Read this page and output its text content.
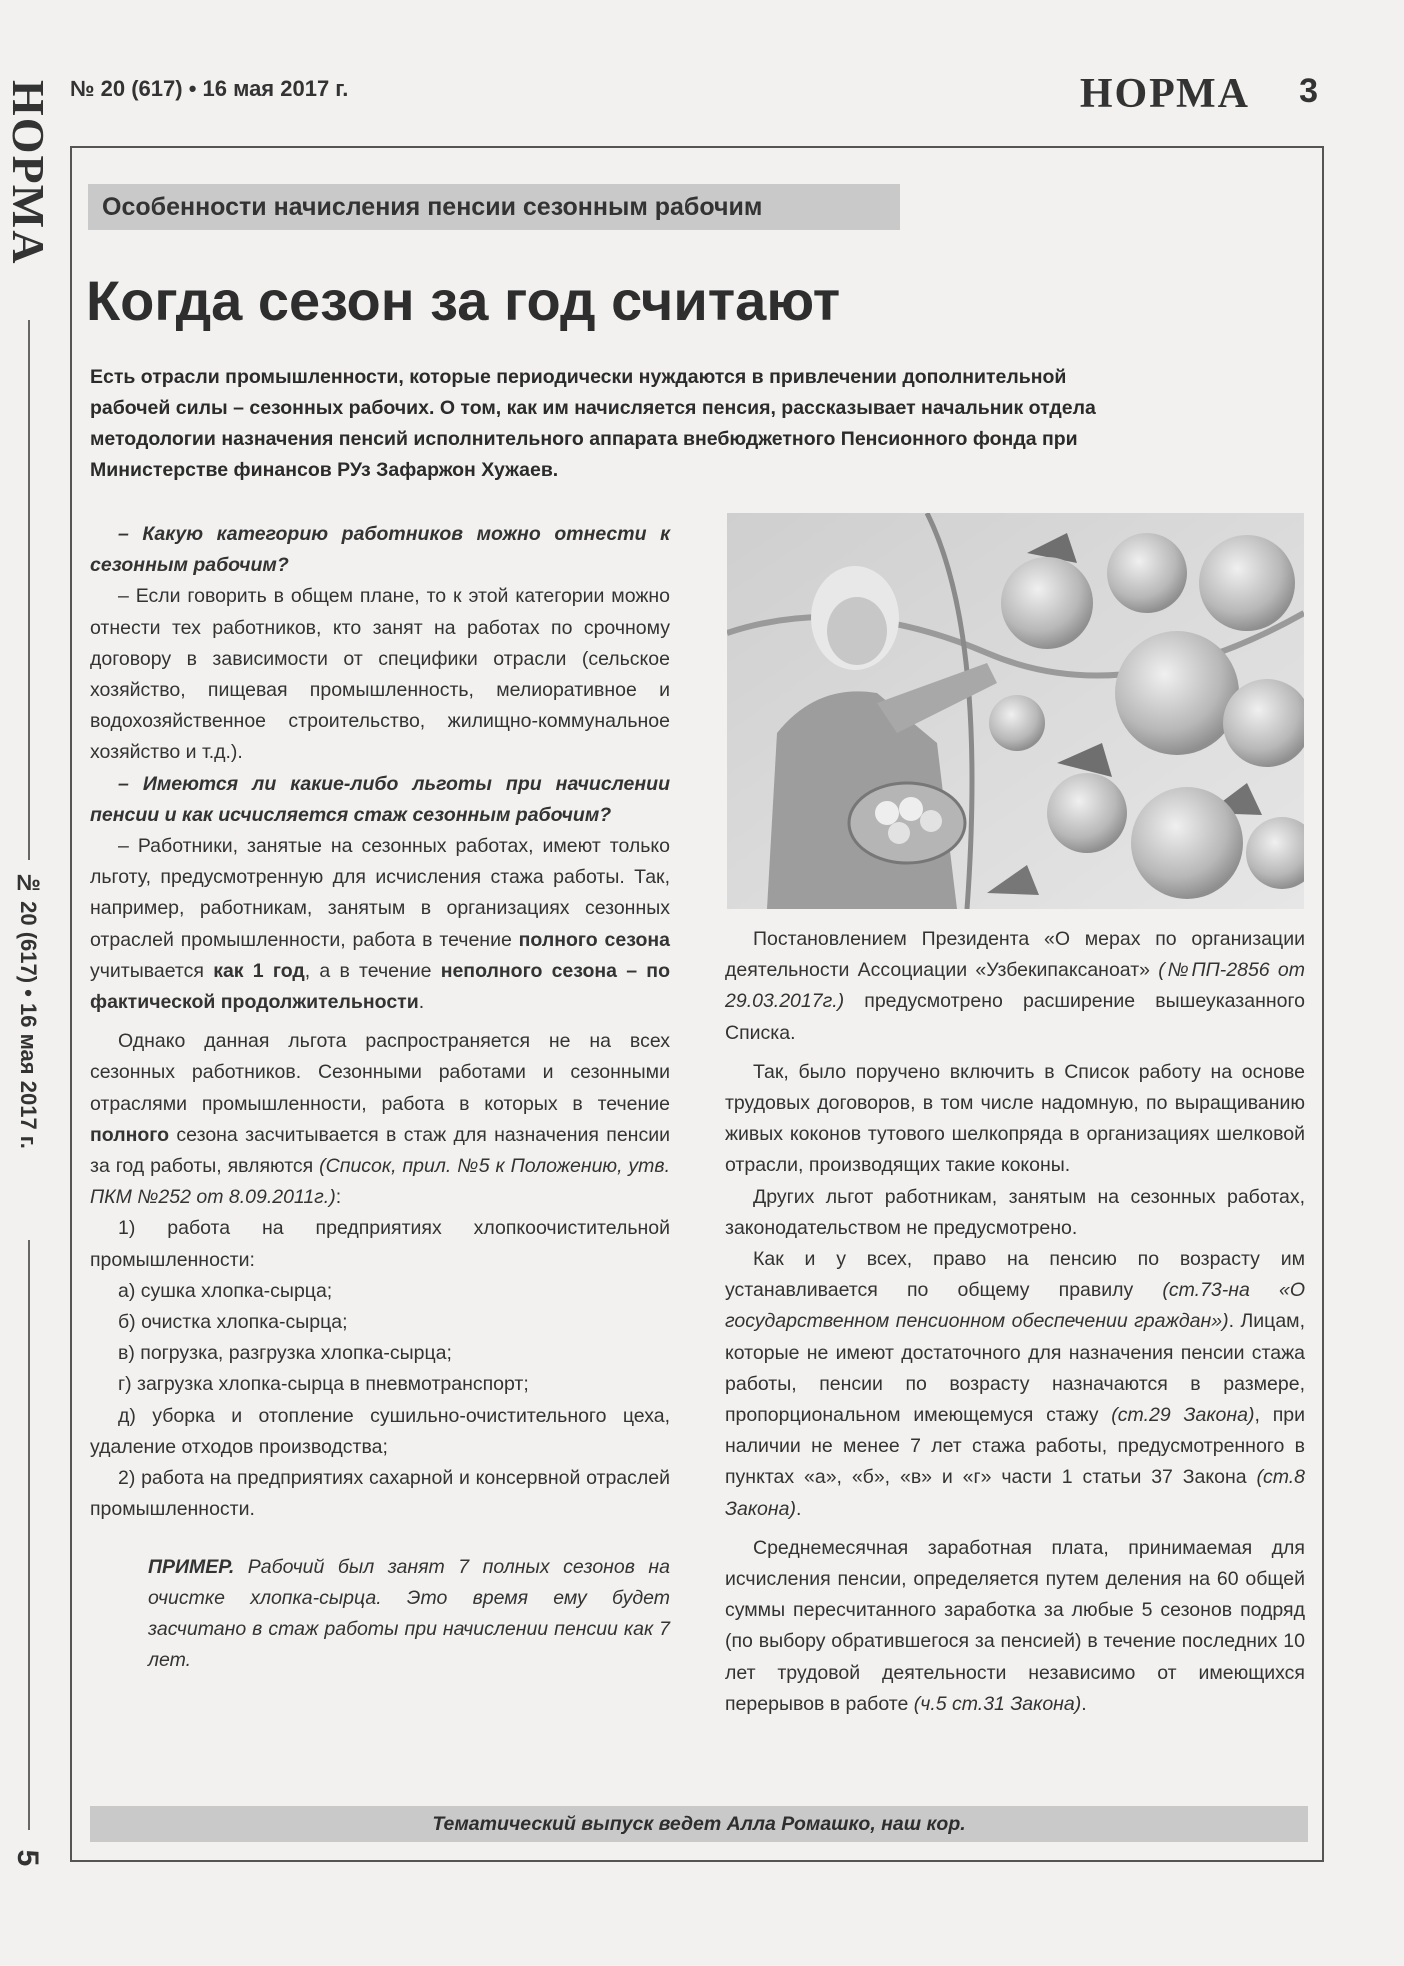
НОРМА
№ 20 (617) • 16 мая 2017 г.
5
№ 20 (617) • 16 мая 2017 г.	НОРМА 3
Особенности начисления пенсии сезонным рабочим
Когда сезон за год считают
Есть отрасли промышленности, которые периодически нуждаются в привлечении дополнительной рабочей силы – сезонных рабочих. О том, как им начисляется пенсия, рассказывает начальник отдела методологии назначения пенсий исполнительного аппарата внебюджетного Пенсионного фонда при Министерстве финансов РУз Зафаржон Хужаев.

– Какую категорию работников можно отнести к сезонным рабочим?

– Если говорить в общем плане, то к этой категории можно отнести тех работников, кто занят на работах по срочному договору в зависимости от специфики отрасли (сельское хозяйство, пищевая промышленность, мелиоративное и водохозяйственное строительство, жилищно-коммунальное хозяйство и т.д.).

– Имеются ли какие-либо льготы при начислении пенсии и как исчисляется стаж сезонным рабочим?

– Работники, занятые на сезонных работах, имеют только льготу, предусмотренную для исчисления стажа работы. Так, например, работникам, занятым в организациях сезонных отраслей промышленности, работа в течение полного сезона учитывается как 1 год, а в течение неполного сезона – по фактической продолжительности.

Однако данная льгота распространяется не на всех сезонных работников. Сезонными работами и сезонными отраслями промышленности, работа в которых в течение полного сезона засчитывается в стаж для назначения пенсии за год работы, являются (Список, прил. №5 к Положению, утв. ПКМ №252 от 8.09.2011г.):

1) работа на предприятиях хлопкоочистительной промышленности:

а) сушка хлопка-сырца;

б) очистка хлопка-сырца;

в) погрузка, разгрузка хлопка-сырца;

г) загрузка хлопка-сырца в пневмотранспорт;

д) уборка и отопление сушильно-очистительного цеха, удаление отходов производства;

2) работа на предприятиях сахарной и консервной отраслей промышленности.

ПРИМЕР. Рабочий был занят 7 полных сезонов на очистке хлопка-сырца. Это время ему будет засчитано в стаж работы при начислении пенсии как 7 лет.

Постановлением Президента «О мерах по организации деятельности Ассоциации «Узбекипаксаноат» (№ПП-2856 от 29.03.2017г.) предусмотрено расширение вышеуказанного Списка.

Так, было поручено включить в Список работу на основе трудовых договоров, в том числе надомную, по выращиванию живых коконов тутового шелкопряда в организациях шелковой отрасли, производящих такие коконы.

Других льгот работникам, занятым на сезонных работах, законодательством не предусмотрено.

Как и у всех, право на пенсию по возрасту им устанавливается по общему правилу (ст.73-на «О государственном пенсионном обеспечении граждан»). Лицам, которые не имеют достаточного для назначения пенсии стажа работы, пенсии по возрасту назначаются в размере, пропорциональном имеющемуся стажу (ст.29 Закона), при наличии не менее 7 лет стажа работы, предусмотренного в пунктах «а», «б», «в» и «г» части 1 статьи 37 Закона (ст.8 Закона).

Среднемесячная заработная плата, принимаемая для исчисления пенсии, определяется путем деления на 60 общей суммы пересчитанного заработка за любые 5 сезонов подряд (по выбору обратившегося за пенсией) в течение последних 10 лет трудовой деятельности независимо от имеющихся перерывов в работе (ч.5 ст.31 Закона).

Тематический выпуск ведет Алла Ромашко, наш кор.
